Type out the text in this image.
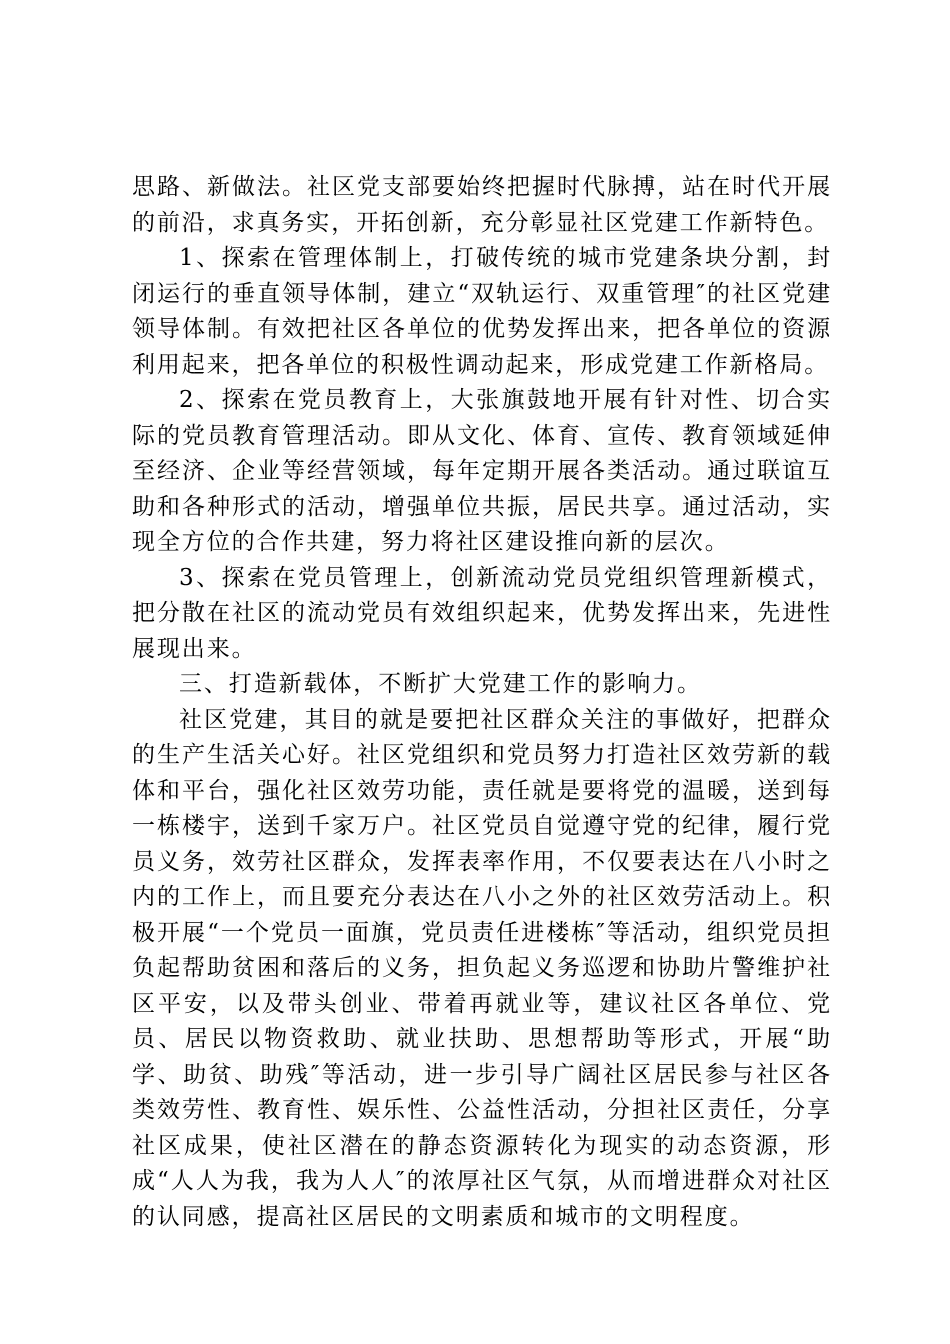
思路、新做法。社区党支部要始终把握时代脉搏，站在时代开展的前沿，求真务实，开拓创新，充分彰显社区党建工作新特色。

1、探索在管理体制上，打破传统的城市党建条块分割，封闭运行的垂直领导体制，建立“双轨运行、双重管理″的社区党建领导体制。有效把社区各单位的优势发挥出来，把各单位的资源利用起来，把各单位的积极性调动起来，形成党建工作新格局。

2、探索在党员教育上，大张旗鼓地开展有针对性、切合实际的党员教育管理活动。即从文化、体育、宣传、教育领域延伸至经济、企业等经营领域，每年定期开展各类活动。通过联谊互助和各种形式的活动，增强单位共振，居民共享。通过活动，实现全方位的合作共建，努力将社区建设推向新的层次。

3、探索在党员管理上，创新流动党员党组织管理新模式，把分散在社区的流动党员有效组织起来，优势发挥出来，先进性展现出来。

三、打造新载体，不断扩大党建工作的影响力。

社区党建，其目的就是要把社区群众关注的事做好，把群众的生产生活关心好。社区党组织和党员努力打造社区效劳新的载体和平台，强化社区效劳功能，责任就是要将党的温暖，送到每一栋楼宇，送到千家万户。社区党员自觉遵守党的纪律，履行党员义务，效劳社区群众，发挥表率作用，不仅要表达在八小时之内的工作上，而且要充分表达在八小之外的社区效劳活动上。积极开展“一个党员一面旗，党员责任进楼栋″等活动，组织党员担负起帮助贫困和落后的义务，担负起义务巡逻和协助片警维护社区平安，以及带头创业、带着再就业等，建议社区各单位、党员、居民以物资救助、就业扶助、思想帮助等形式，开展“助学、助贫、助残″等活动，进一步引导广阔社区居民参与社区各类效劳性、教育性、娱乐性、公益性活动，分担社区责任，分享社区成果，使社区潜在的静态资源转化为现实的动态资源，形成“人人为我，我为人人″的浓厚社区气氛，从而增进群众对社区的认同感，提高社区居民的文明素质和城市的文明程度。
